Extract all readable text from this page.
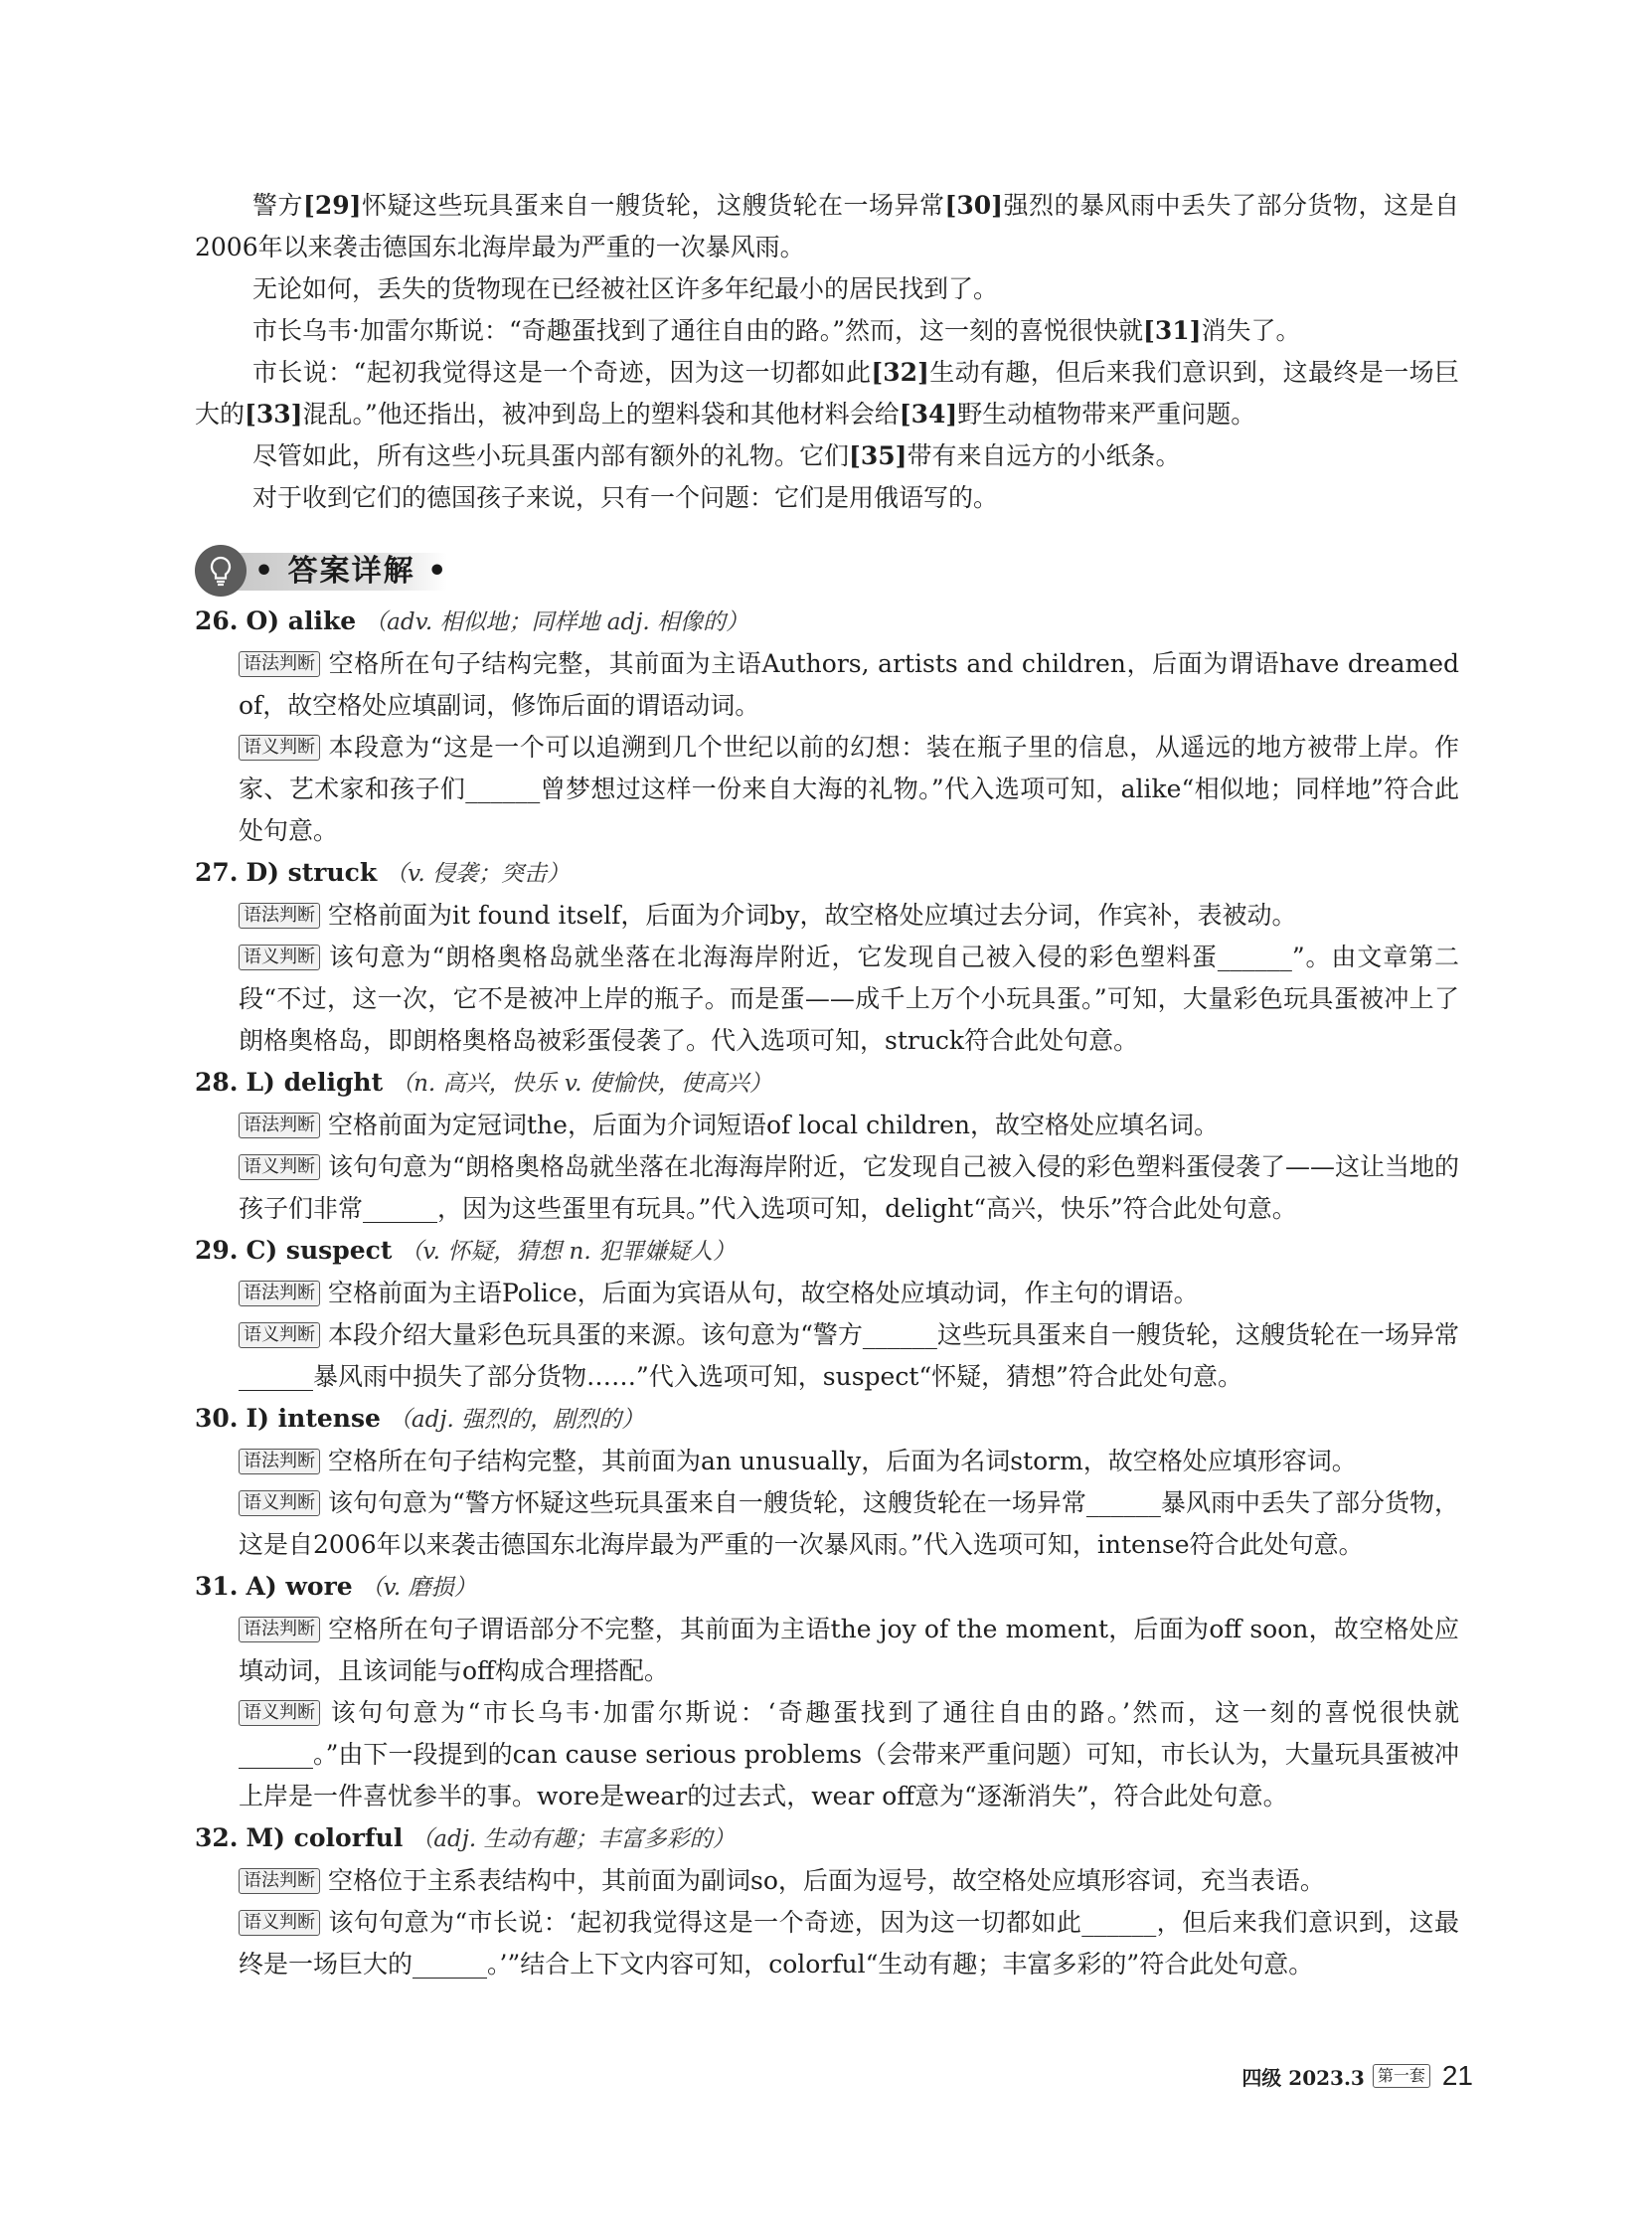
警方[29]怀疑这些玩具蛋来自一艘货轮，这艘货轮在一场异常[30]强烈的暴风雨中丢失了部分货物，这是自2006年以来袭击德国东北海岸最为严重的一次暴风雨。

无论如何，丢失的货物现在已经被社区许多年纪最小的居民找到了。

市长乌韦·加雷尔斯说：“奇趣蛋找到了通往自由的路。”然而，这一刻的喜悦很快就[31]消失了。

市长说：“起初我觉得这是一个奇迹，因为这一切都如此[32]生动有趣，但后来我们意识到，这最终是一场巨大的[33]混乱。”他还指出，被冲到岛上的塑料袋和其他材料会给[34]野生动植物带来严重问题。

尽管如此，所有这些小玩具蛋内部有额外的礼物。它们[35]带有来自远方的小纸条。

对于收到它们的德国孩子来说，只有一个问题：它们是用俄语写的。

• 答案详解 •

26. O) alike （adv. 相似地；同样地 adj. 相像的）

语法判断 空格所在句子结构完整，其前面为主语Authors, artists and children，后面为谓语have dreamed of，故空格处应填副词，修饰后面的谓语动词。

语义判断 本段意为“这是一个可以追溯到几个世纪以前的幻想：装在瓶子里的信息，从遥远的地方被带上岸。作家、艺术家和孩子们______曾梦想过这样一份来自大海的礼物。”代入选项可知，alike“相似地；同样地”符合此处句意。

27. D) struck （v. 侵袭；突击）

语法判断 空格前面为it found itself，后面为介词by，故空格处应填过去分词，作宾补，表被动。

语义判断 该句意为“朗格奥格岛就坐落在北海海岸附近，它发现自己被入侵的彩色塑料蛋______”。由文章第二段“不过，这一次，它不是被冲上岸的瓶子。而是蛋——成千上万个小玩具蛋。”可知，大量彩色玩具蛋被冲上了朗格奥格岛，即朗格奥格岛被彩蛋侵袭了。代入选项可知，struck符合此处句意。

28. L) delight （n. 高兴，快乐 v. 使愉快，使高兴）

语法判断 空格前面为定冠词the，后面为介词短语of local children，故空格处应填名词。

语义判断 该句句意为“朗格奥格岛就坐落在北海海岸附近，它发现自己被入侵的彩色塑料蛋侵袭了——这让当地的孩子们非常______，因为这些蛋里有玩具。”代入选项可知，delight“高兴，快乐”符合此处句意。

29. C) suspect （v. 怀疑，猜想 n. 犯罪嫌疑人）

语法判断 空格前面为主语Police，后面为宾语从句，故空格处应填动词，作主句的谓语。

语义判断 本段介绍大量彩色玩具蛋的来源。该句意为“警方______这些玩具蛋来自一艘货轮，这艘货轮在一场异常______暴风雨中损失了部分货物……”代入选项可知，suspect“怀疑，猜想”符合此处句意。

30. I) intense （adj. 强烈的，剧烈的）

语法判断 空格所在句子结构完整，其前面为an unusually，后面为名词storm，故空格处应填形容词。

语义判断 该句句意为“警方怀疑这些玩具蛋来自一艘货轮，这艘货轮在一场异常______暴风雨中丢失了部分货物，这是自2006年以来袭击德国东北海岸最为严重的一次暴风雨。”代入选项可知，intense符合此处句意。

31. A) wore （v. 磨损）

语法判断 空格所在句子谓语部分不完整，其前面为主语the joy of the moment，后面为off soon，故空格处应填动词，且该词能与off构成合理搭配。

语义判断 该句句意为“市长乌韦·加雷尔斯说：‘奇趣蛋找到了通往自由的路。’然而，这一刻的喜悦很快就______。”由下一段提到的can cause serious problems（会带来严重问题）可知，市长认为，大量玩具蛋被冲上岸是一件喜忧参半的事。wore是wear的过去式，wear off意为“逐渐消失”，符合此处句意。

32. M) colorful （adj. 生动有趣；丰富多彩的）

语法判断 空格位于主系表结构中，其前面为副词so，后面为逗号，故空格处应填形容词，充当表语。

语义判断 该句句意为“市长说：‘起初我觉得这是一个奇迹，因为这一切都如此______，但后来我们意识到，这最终是一场巨大的______。’”结合上下文内容可知，colorful“生动有趣；丰富多彩的”符合此处句意。

四级 2023.3 第一套 21
